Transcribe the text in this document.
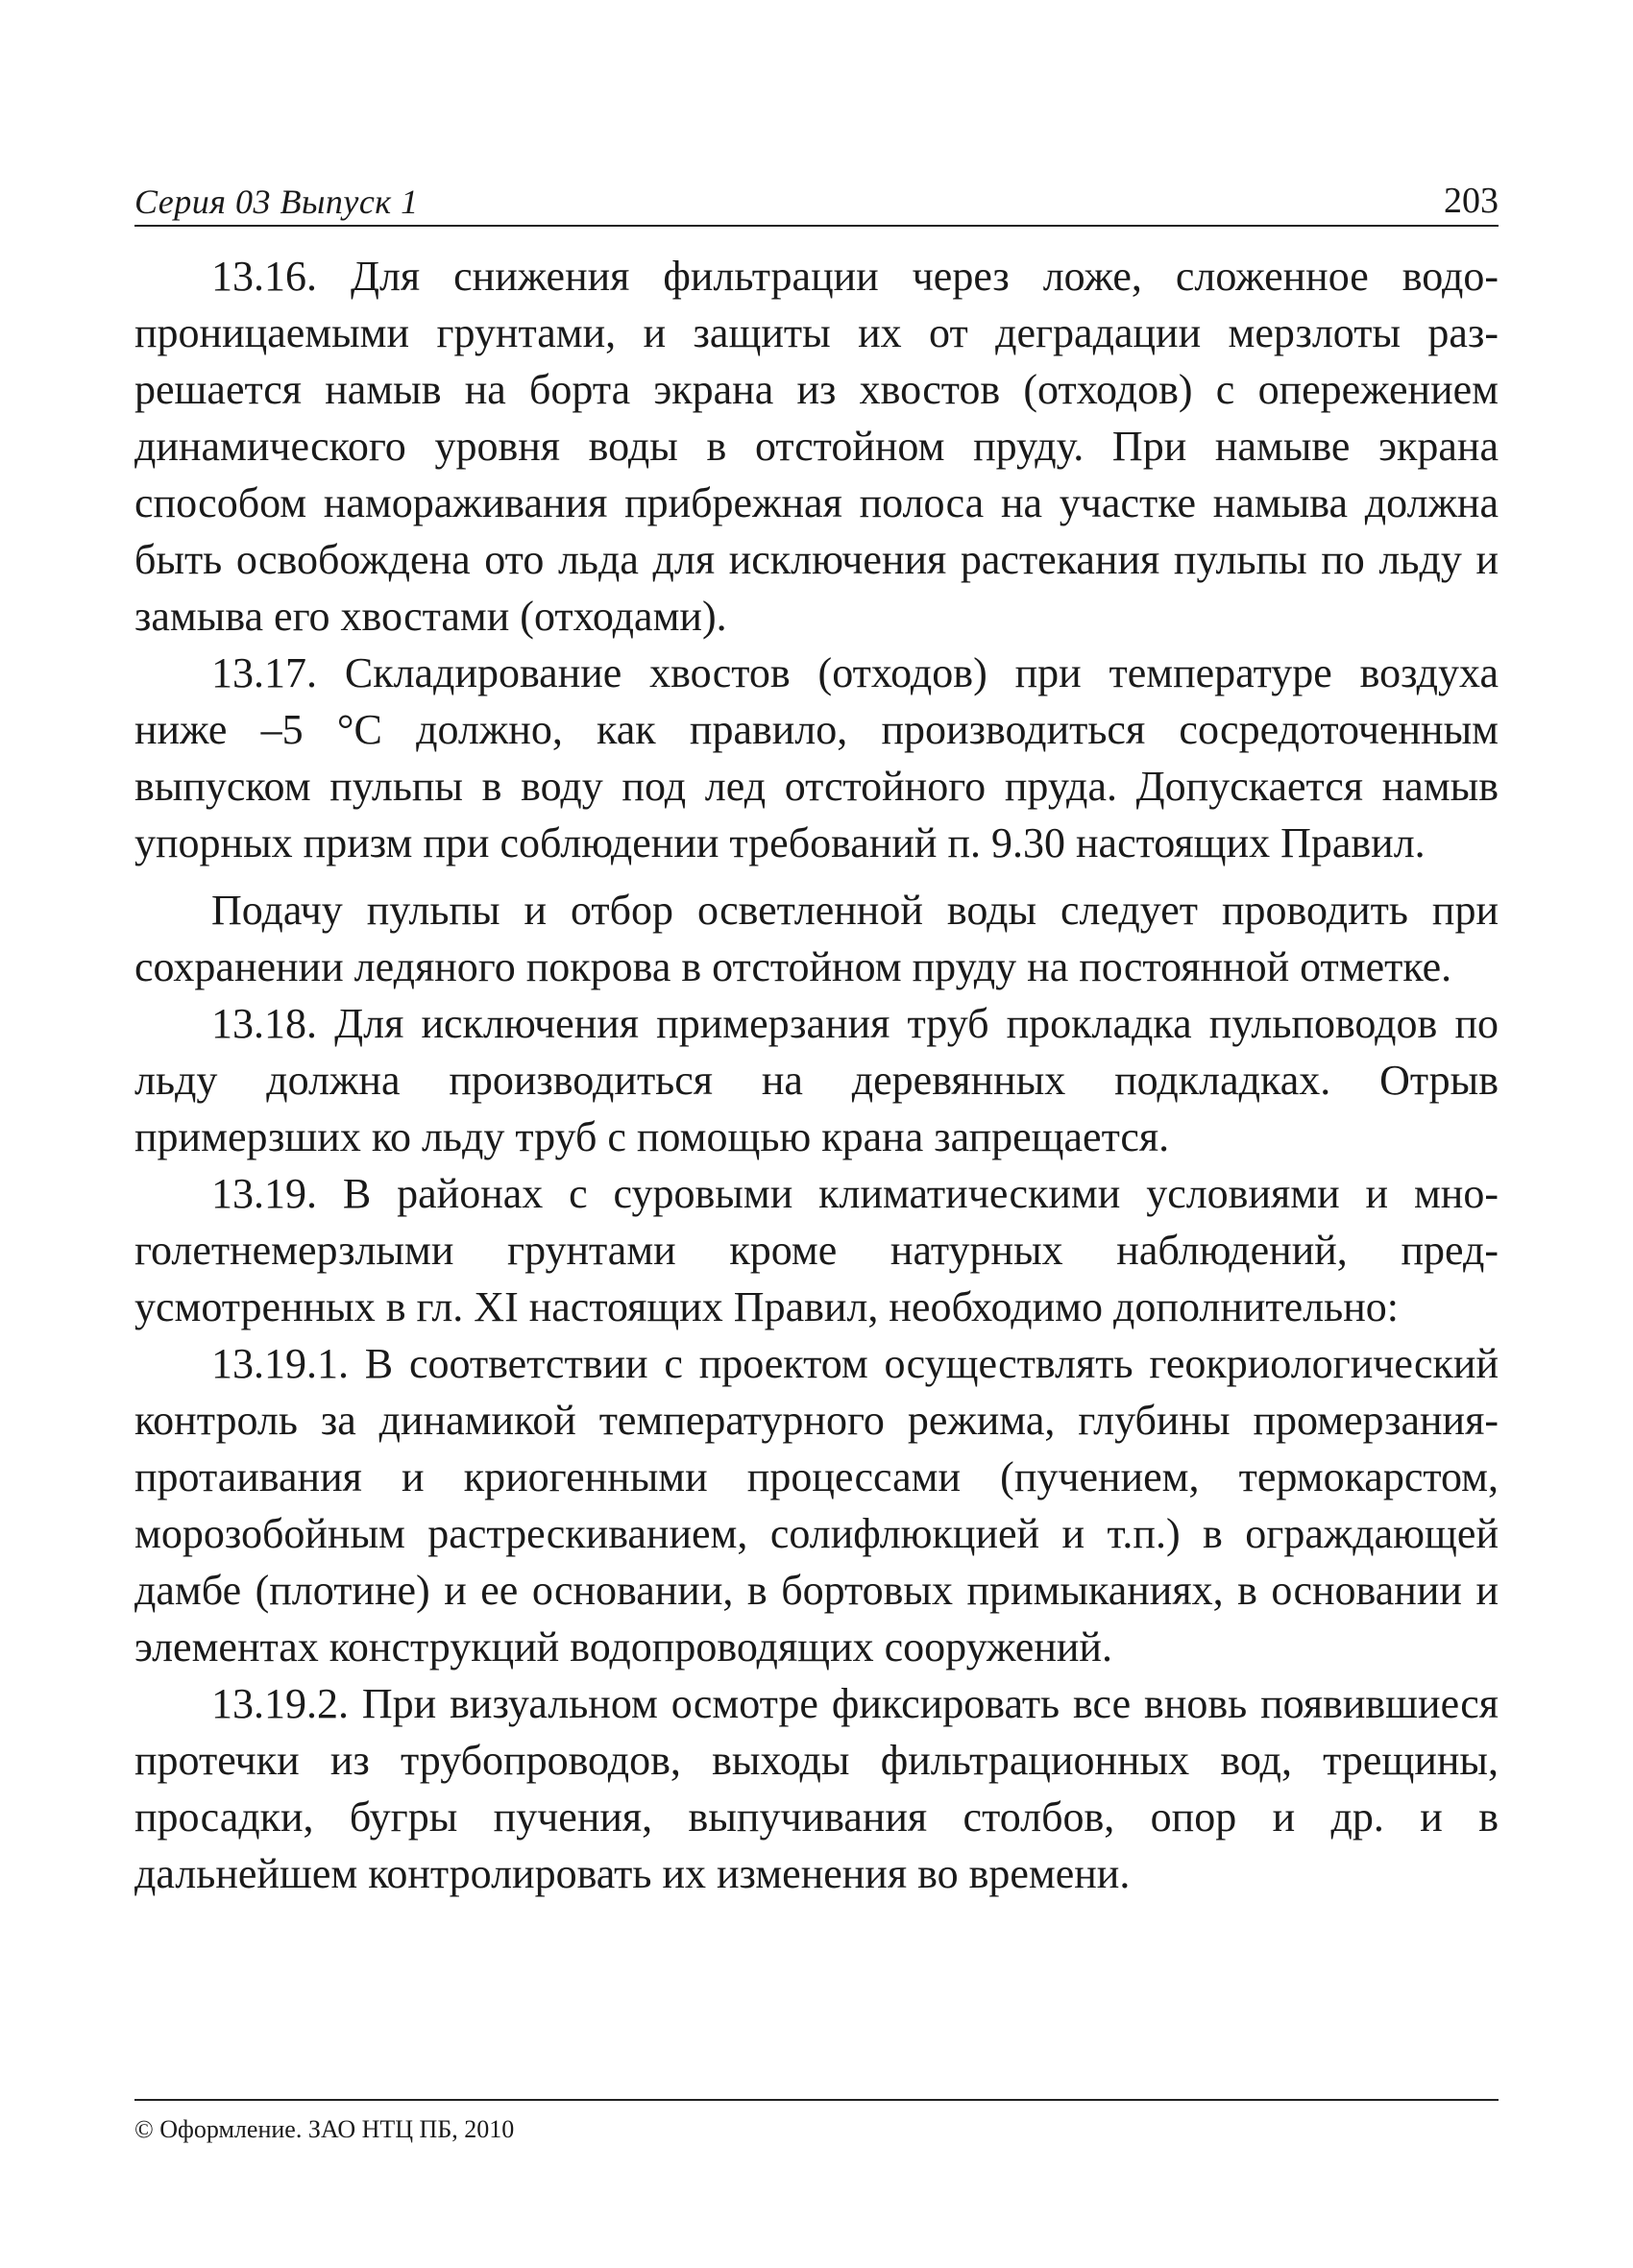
Серия 03 Выпуск 1	203

13.16. Для снижения фильтрации через ложе, сложенное водопроницаемыми грунтами, и защиты их от деградации мерзлоты разрешается намыв на борта экрана из хвостов (отходов) с опережением динамического уровня воды в отстойном пруду. При намыве экрана способом намораживания прибрежная полоса на участке намыва должна быть освобождена ото льда для исключения растекания пульпы по льду и замыва его хвостами (отходами).

13.17. Складирование хвостов (отходов) при температуре воздуха ниже –5 °С должно, как правило, производиться сосредоточенным выпуском пульпы в воду под лед отстойного пруда. Допускается намыв упорных призм при соблюдении требований п. 9.30 настоящих Правил.

Подачу пульпы и отбор осветленной воды следует проводить при сохранении ледяного покрова в отстойном пруду на постоянной отметке.

13.18. Для исключения примерзания труб прокладка пульповодов по льду должна производиться на деревянных подкладках. Отрыв примерзших ко льду труб с помощью крана запрещается.

13.19. В районах с суровыми климатическими условиями и многолетнемерзлыми грунтами кроме натурных наблюдений, предусмотренных в гл. XI настоящих Правил, необходимо дополнительно:

13.19.1. В соответствии с проектом осуществлять геокриологический контроль за динамикой температурного режима, глубины промерзания-протаивания и криогенными процессами (пучением, термокарстом, морозобойным растрескиванием, солифлюкцией и т.п.) в ограждающей дамбе (плотине) и ее основании, в бортовых примыканиях, в основании и элементах конструкций водопроводящих сооружений.

13.19.2. При визуальном осмотре фиксировать все вновь появившиеся протечки из трубопроводов, выходы фильтрационных вод, трещины, просадки, бугры пучения, выпучивания столбов, опор и др. и в дальнейшем контролировать их изменения во времени.

© Оформление. ЗАО НТЦ ПБ, 2010
